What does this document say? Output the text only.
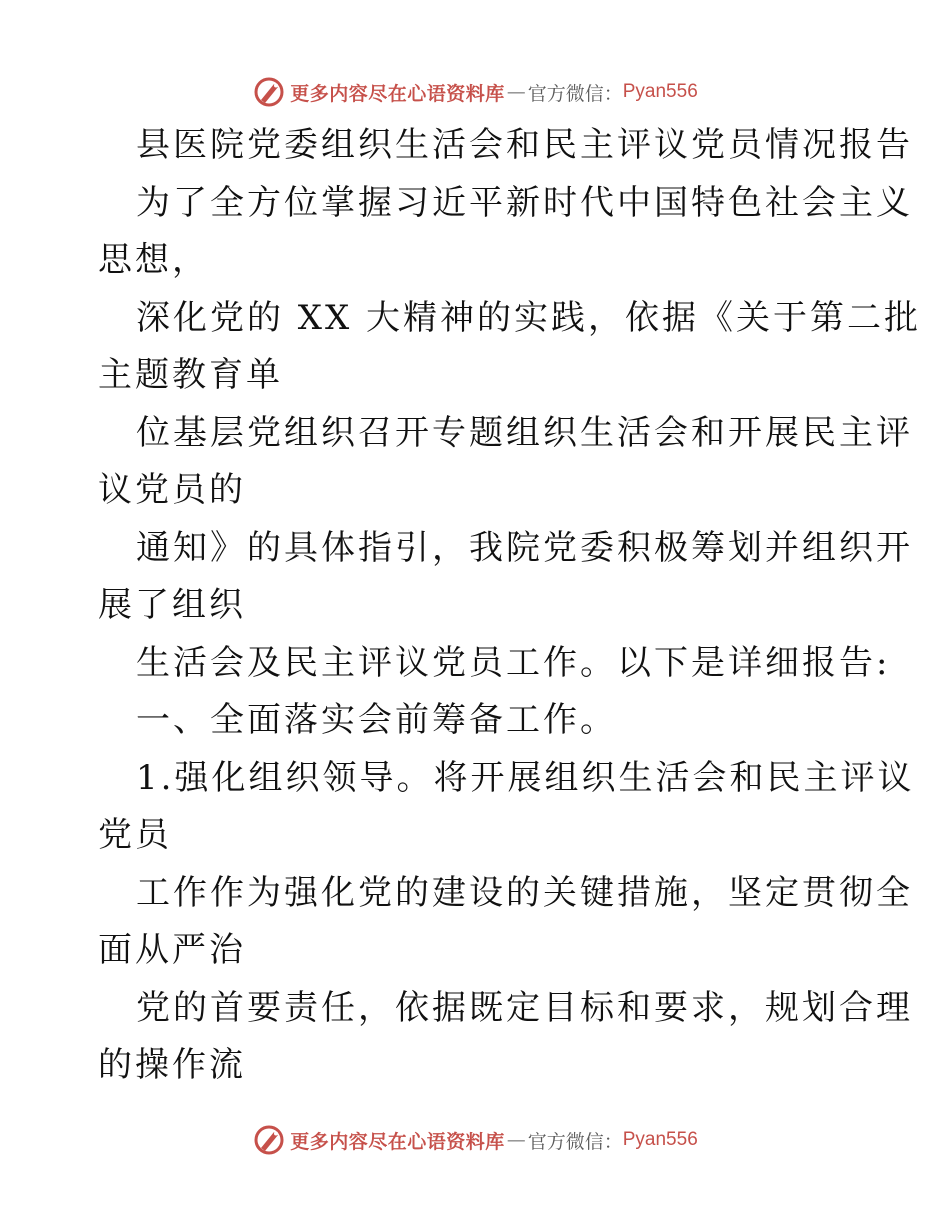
更多内容尽在心语资料库 — 官方微信： Pyan556
县医院党委组织生活会和民主评议党员情况报告
为了全方位掌握习近平新时代中国特色社会主义
思想，
深化党的 XX 大精神的实践，依据《关于第二批
主题教育单
位基层党组织召开专题组织生活会和开展民主评
议党员的
通知》的具体指引，我院党委积极筹划并组织开
展了组织
生活会及民主评议党员工作。以下是详细报告:
一、全面落实会前筹备工作。
1.强化组织领导。将开展组织生活会和民主评议
党员
工作作为强化党的建设的关键措施，坚定贯彻全
面从严治
党的首要责任，依据既定目标和要求，规划合理
的操作流
更多内容尽在心语资料库 — 官方微信： Pyan556
